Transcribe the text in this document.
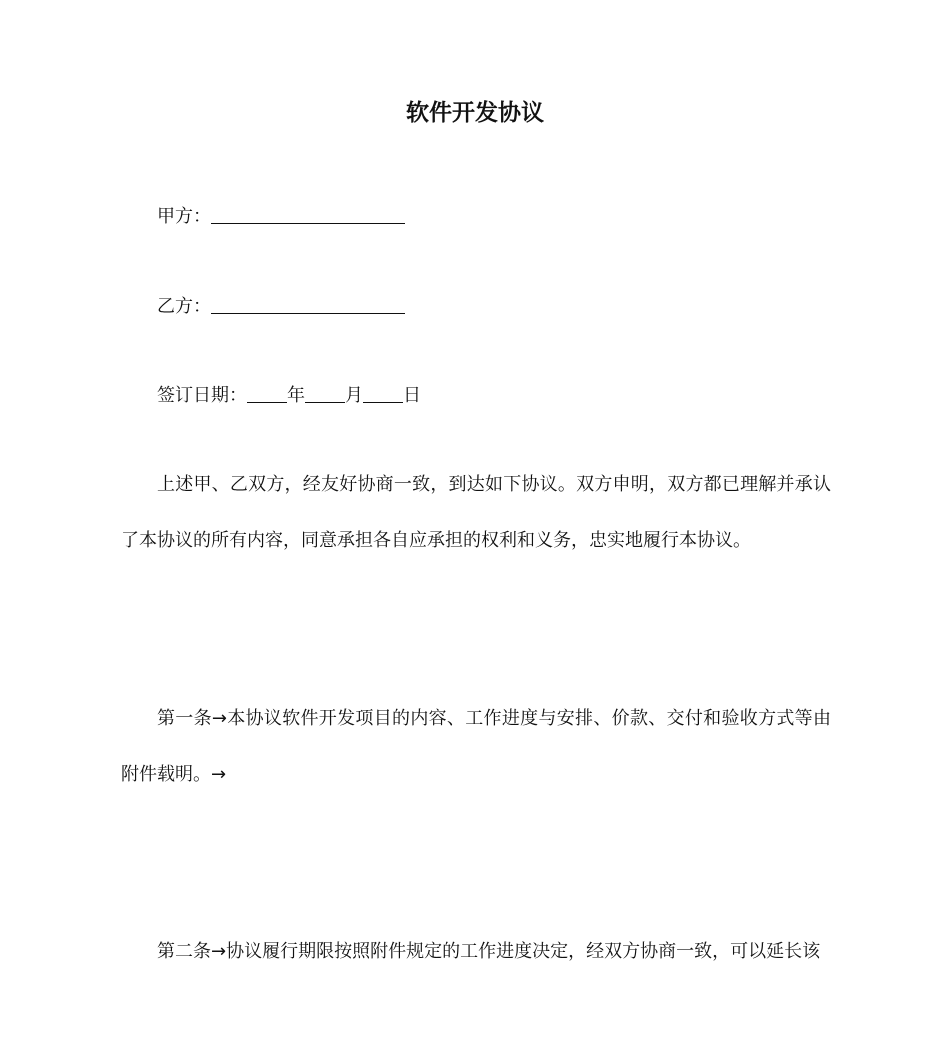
软件开发协议
甲方：
乙方：
签订日期： 年 月 日
上述甲、乙双方，经友好协商一致，到达如下协议。双方申明，双方都已理解并承认了本协议的所有内容，同意承担各自应承担的权利和义务，忠实地履行本协议。
第一条→本协议软件开发项目的内容、工作进度与安排、价款、交付和验收方式等由附件载明。→
第二条→协议履行期限按照附件规定的工作进度决定，经双方协商一致，可以延长该
